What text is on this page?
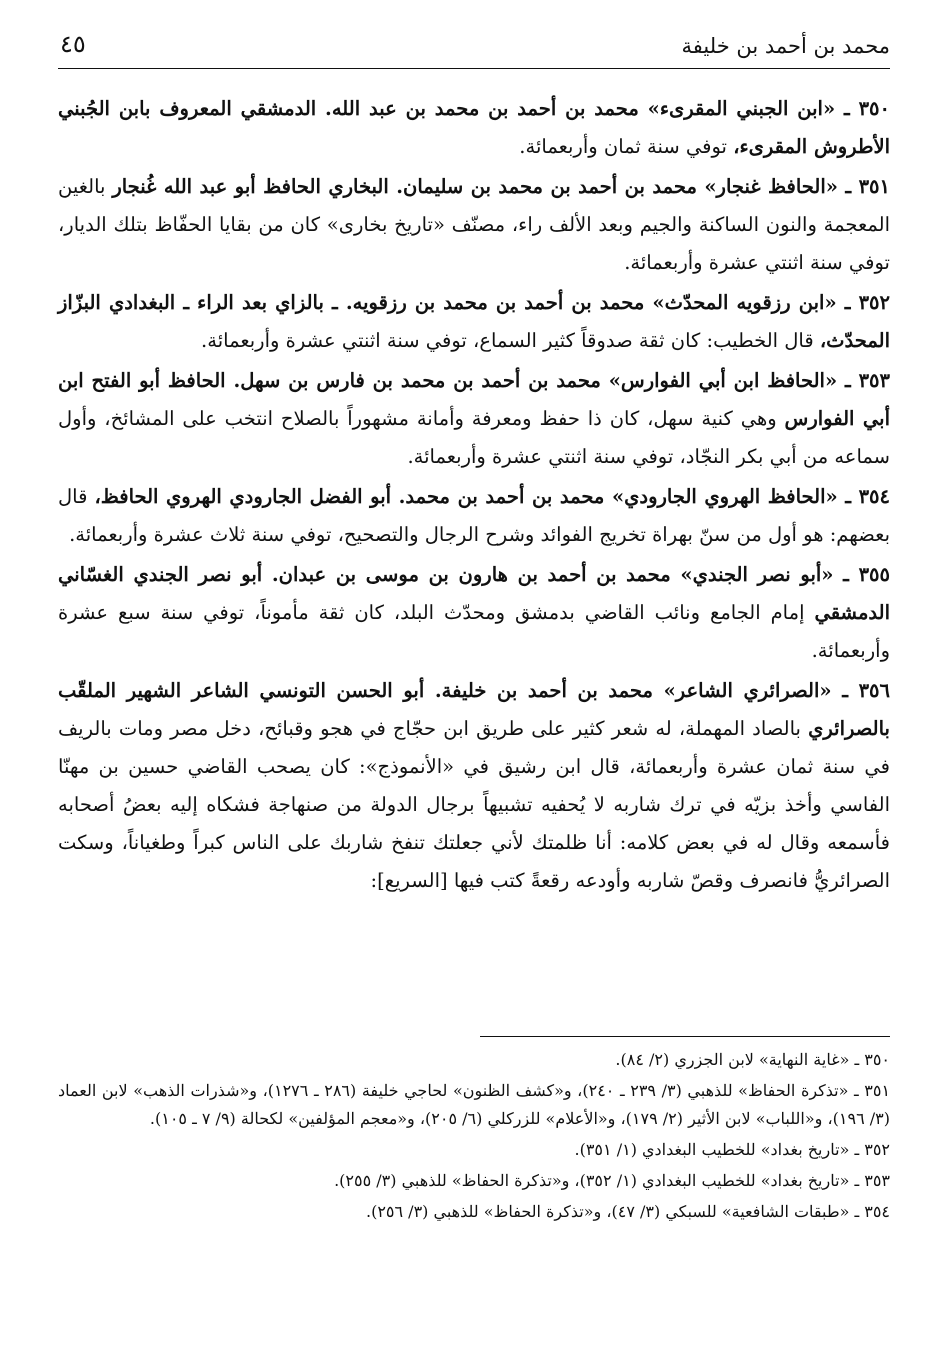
محمد بن أحمد بن خليفة
٤٥

٣٥٠ ـ «ابن الجبني المقرىء» محمد بن أحمد بن محمد بن عبد الله. الدمشقي المعروف بابن الجُبني الأطروش المقرىء، توفي سنة ثمان وأربعمائة.

٣٥١ ـ «الحافظ غنجار» محمد بن أحمد بن محمد بن سليمان. البخاري الحافظ أبو عبد الله غُنجار بالغين المعجمة والنون الساكنة والجيم وبعد الألف راء، مصنّف «تاريخ بخارى» كان من بقايا الحفّاظ بتلك الديار، توفي سنة اثنتي عشرة وأربعمائة.

٣٥٢ ـ «ابن رزقويه المحدّث» محمد بن أحمد بن محمد بن رزقويه. ـ بالزاي بعد الراء ـ البغدادي البزّاز المحدّث، قال الخطيب: كان ثقة صدوقاً كثير السماع، توفي سنة اثنتي عشرة وأربعمائة.

٣٥٣ ـ «الحافظ ابن أبي الفوارس» محمد بن أحمد بن محمد بن فارس بن سهل. الحافظ أبو الفتح ابن أبي الفوارس وهي كنية سهل، كان ذا حفظ ومعرفة وأمانة مشهوراً بالصلاح انتخب على المشائخ، وأول سماعه من أبي بكر النجّاد، توفي سنة اثنتي عشرة وأربعمائة.

٣٥٤ ـ «الحافظ الهروي الجارودي» محمد بن أحمد بن محمد. أبو الفضل الجارودي الهروي الحافظ، قال بعضهم: هو أول من سنّ بهراة تخريج الفوائد وشرح الرجال والتصحيح، توفي سنة ثلاث عشرة وأربعمائة.

٣٥٥ ـ «أبو نصر الجندي» محمد بن أحمد بن هارون بن موسى بن عبدان. أبو نصر الجندي الغسّاني الدمشقي إمام الجامع ونائب القاضي بدمشق ومحدّث البلد، كان ثقة مأموناً، توفي سنة سبع عشرة وأربعمائة.

٣٥٦ ـ «الصرائري الشاعر» محمد بن أحمد بن خليفة. أبو الحسن التونسي الشاعر الشهير الملقّب بالصرائري بالصاد المهملة، له شعر كثير على طريق ابن حجّاج في هجو وقبائح، دخل مصر ومات بالريف في سنة ثمان عشرة وأربعمائة، قال ابن رشيق في «الأنموذج»: كان يصحب القاضي حسين بن مهنّا الفاسي وأخذ بزيّه في ترك شاربه لا يُحفيه تشبيهاً برجال الدولة من صنهاجة فشكاه إليه بعضُ أصحابه فأسمعه وقال له في بعض كلامه: أنا ظلمتك لأني جعلتك تنفخ شاربك على الناس كبراً وطغياناً، وسكت الصرائريُّ فانصرف وقصّ شاربه وأودعه رقعةً كتب فيها [السريع]:

٣٥٠ ـ «غاية النهاية» لابن الجزري (٢/ ٨٤).

٣٥١ ـ «تذكرة الحفاظ» للذهبي (٣/ ٢٣٩ ـ ٢٤٠)، و«كشف الظنون» لحاجي خليفة (٢٨٦ ـ ١٢٧٦)، و«شذرات الذهب» لابن العماد (٣/ ١٩٦)، و«اللباب» لابن الأثير (٢/ ١٧٩)، و«الأعلام» للزركلي (٦/ ٢٠٥)، و«معجم المؤلفين» لكحالة (٩/ ٧ ـ ١٠٥).

٣٥٢ ـ «تاريخ بغداد» للخطيب البغدادي (١/ ٣٥١).

٣٥٣ ـ «تاريخ بغداد» للخطيب البغدادي (١/ ٣٥٢)، و«تذكرة الحفاظ» للذهبي (٣/ ٢٥٥).

٣٥٤ ـ «طبقات الشافعية» للسبكي (٣/ ٤٧)، و«تذكرة الحفاظ» للذهبي (٣/ ٢٥٦).
